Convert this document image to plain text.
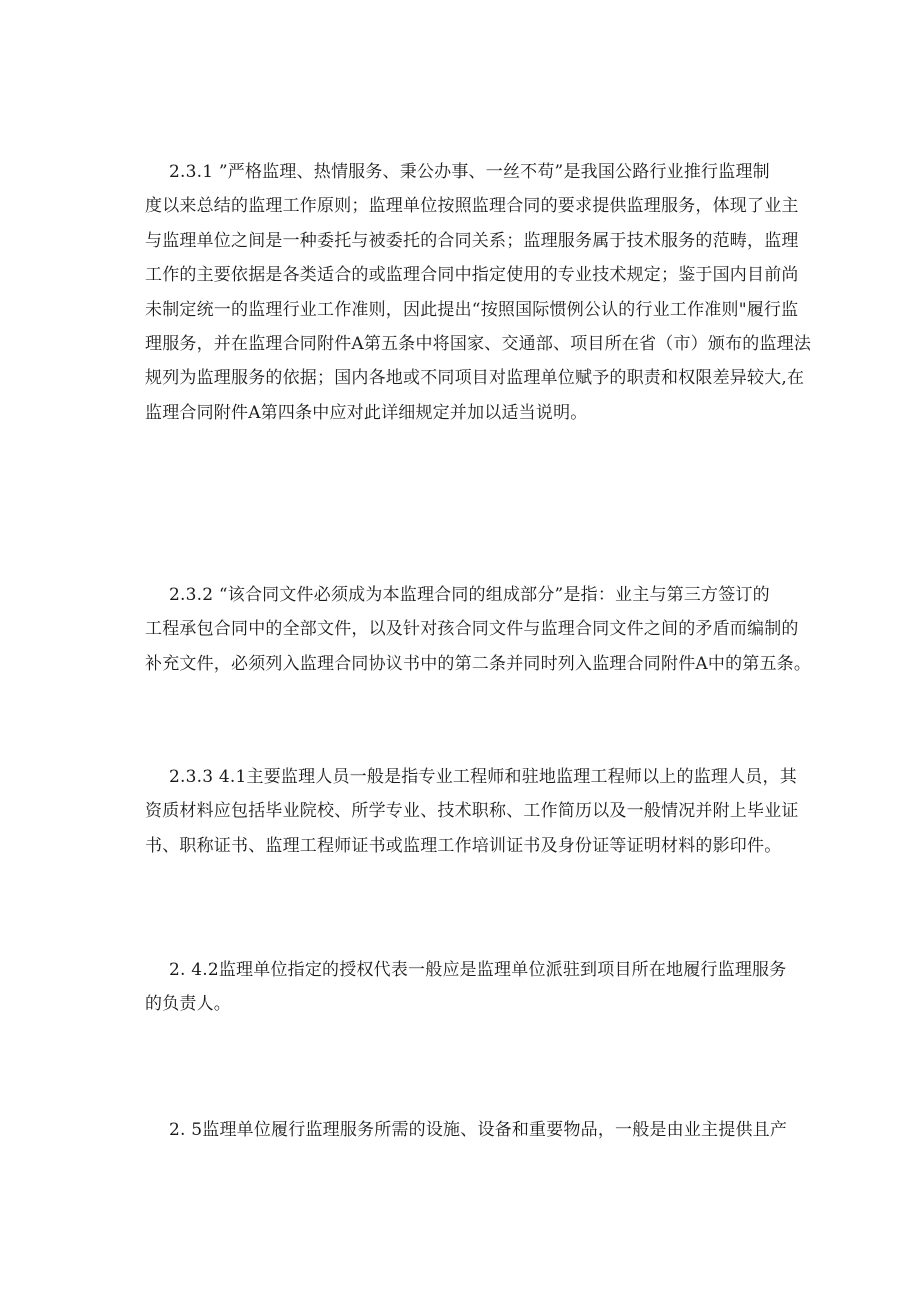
2.3.1 ”严格监理、热情服务、秉公办事、一丝不苟”是我国公路行业推行监理制
度以来总结的监理工作原则；监理单位按照监理合同的要求提供监理服务，体现了业主
与监理单位之间是一种委托与被委托的合同关系；监理服务属于技术服务的范畴，监理
工作的主要依据是各类适合的或监理合同中指定使用的专业技术规定；鉴于国内目前尚
未制定统一的监理行业工作准则，因此提出“按照国际惯例公认的行业工作准则"履行监
理服务，并在监理合同附件A第五条中将国家、交通部、项目所在省（市）颁布的监理法
规列为监理服务的依据；国内各地或不同项目对监理单位赋予的职责和权限差异较大,在
监理合同附件A第四条中应对此详细规定并加以适当说明。
2.3.2 “该合同文件必须成为本监理合同的组成部分”是指：业主与第三方签订的
工程承包合同中的全部文件，以及针对孩合同文件与监理合同文件之间的矛盾而编制的
补充文件，必须列入监理合同协议书中的第二条并同时列入监理合同附件A中的第五条。
2.3.3 4.1主要监理人员一般是指专业工程师和驻地监理工程师以上的监理人员，其
资质材料应包括毕业院校、所学专业、技术职称、工作简历以及一般情况并附上毕业证
书、职称证书、监理工程师证书或监理工作培训证书及身份证等证明材料的影印件。
2. 4.2监理单位指定的授权代表一般应是监理单位派驻到项目所在地履行监理服务
的负责人。
2. 5监理单位履行监理服务所需的设施、设备和重要物品，一般是由业主提供且产
